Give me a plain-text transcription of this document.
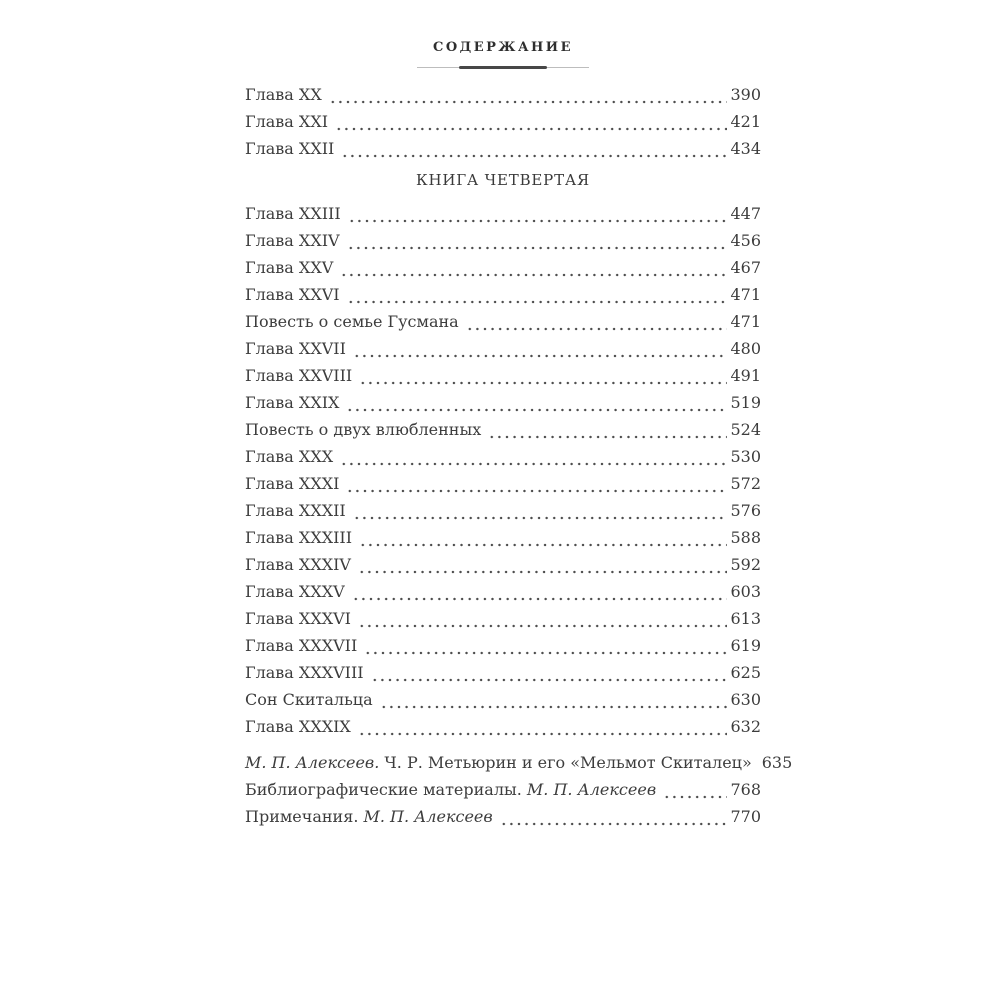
СОДЕРЖАНИЕ
Глава XX	390
Глава XXI	421
Глава XXII	434
КНИГА ЧЕТВЕРТАЯ
Глава XXIII	447
Глава XXIV	456
Глава XXV	467
Глава XXVI	471
Повесть о семье Гусмана	471
Глава XXVII	480
Глава XXVIII	491
Глава XXIX	519
Повесть о двух влюбленных	524
Глава XXX	530
Глава XXXI	572
Глава XXXII	576
Глава XXXIII	588
Глава XXXIV	592
Глава XXXV	603
Глава XXXVI	613
Глава XXXVII	619
Глава XXXVIII	625
Сон Скитальца	630
Глава XXXIX	632
М. П. Алексеев. Ч. Р. Метьюрин и его «Мельмот Скиталец» 635
Библиографические материалы. М. П. Алексеев	768
Примечания. М. П. Алексеев	770
